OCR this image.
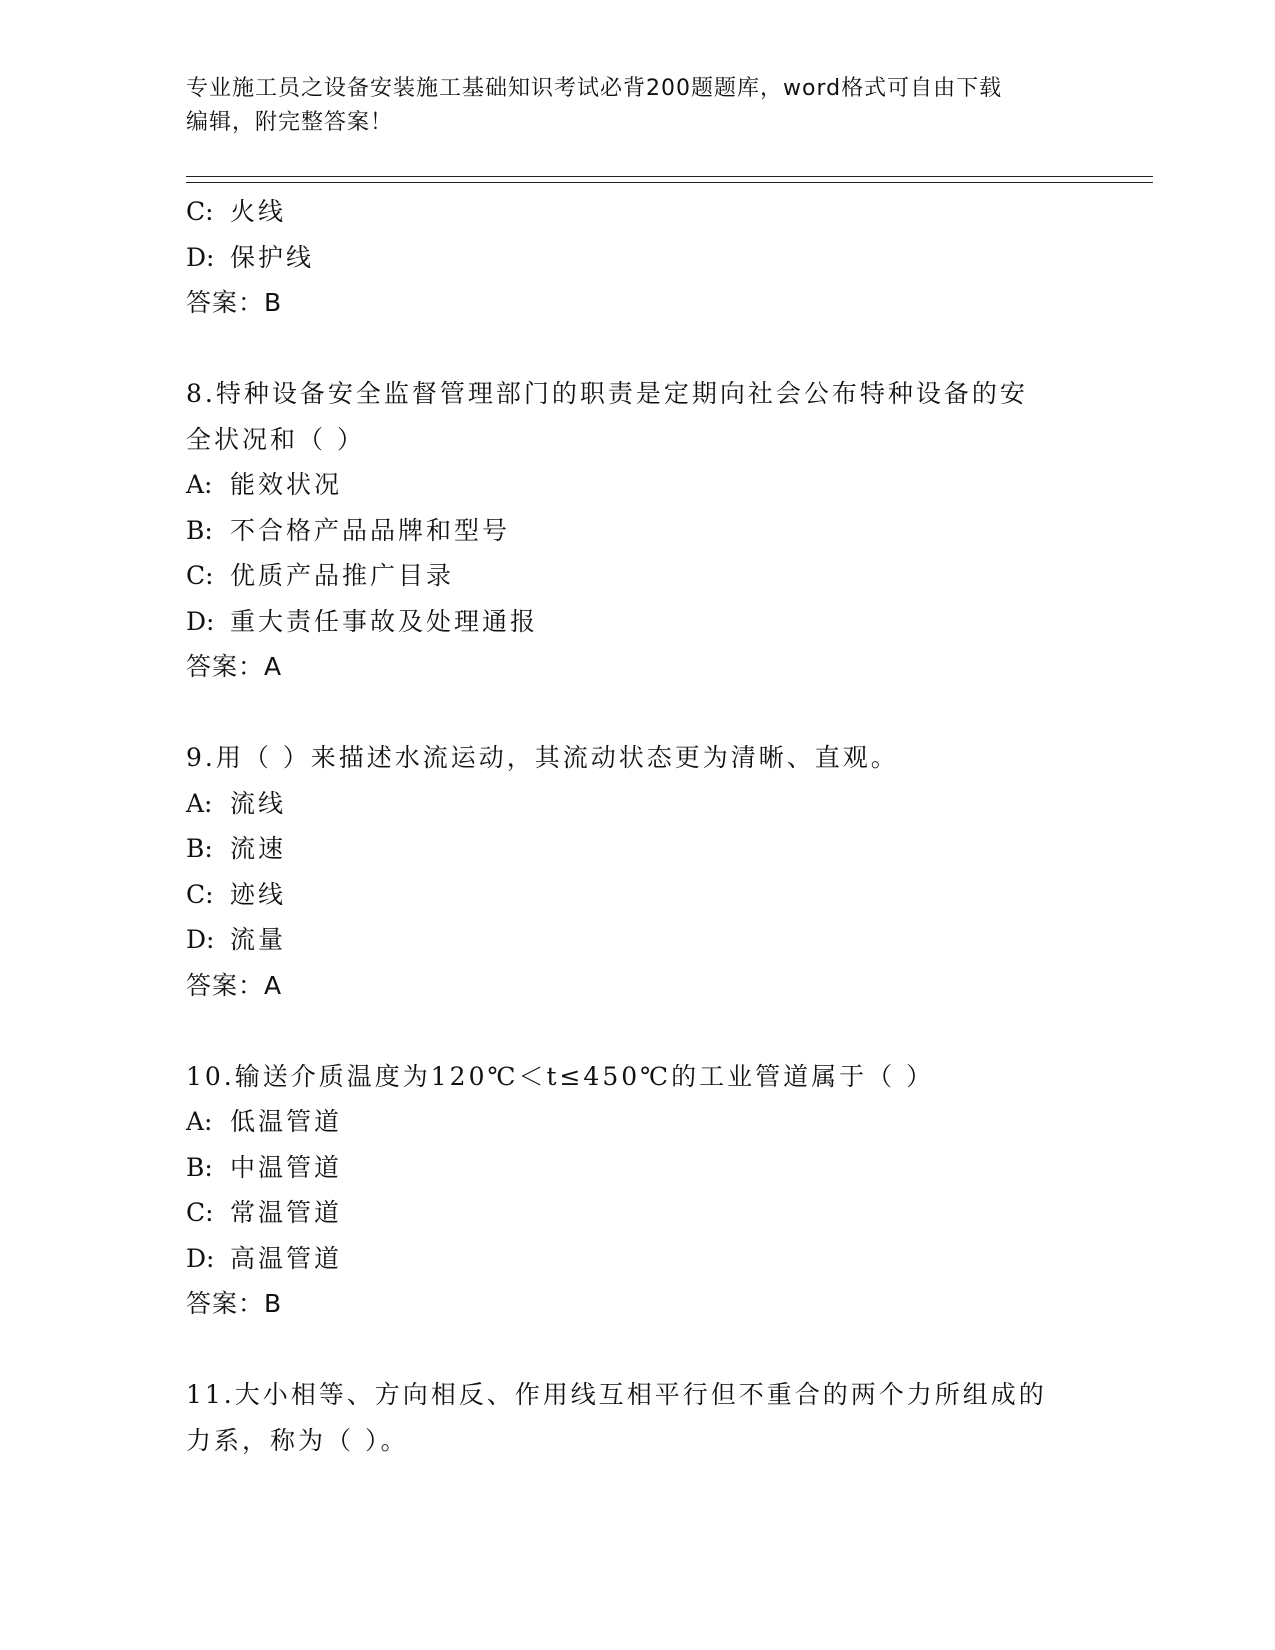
专业施工员之设备安装施工基础知识考试必背200题题库，word格式可自由下载
编辑，附完整答案！
C: 火线
D: 保护线
答案：B
8.特种设备安全监督管理部门的职责是定期向社会公布特种设备的安
全状况和（ ）
A: 能效状况
B: 不合格产品品牌和型号
C: 优质产品推广目录
D: 重大责任事故及处理通报
答案：A
9.用（ ）来描述水流运动，其流动状态更为清晰、直观。
A: 流线
B: 流速
C: 迹线
D: 流量
答案：A
10.输送介质温度为120℃＜t≤450℃的工业管道属于（ ）
A: 低温管道
B: 中温管道
C: 常温管道
D: 高温管道
答案：B
11.大小相等、方向相反、作用线互相平行但不重合的两个力所组成的
力系，称为（ ）。
